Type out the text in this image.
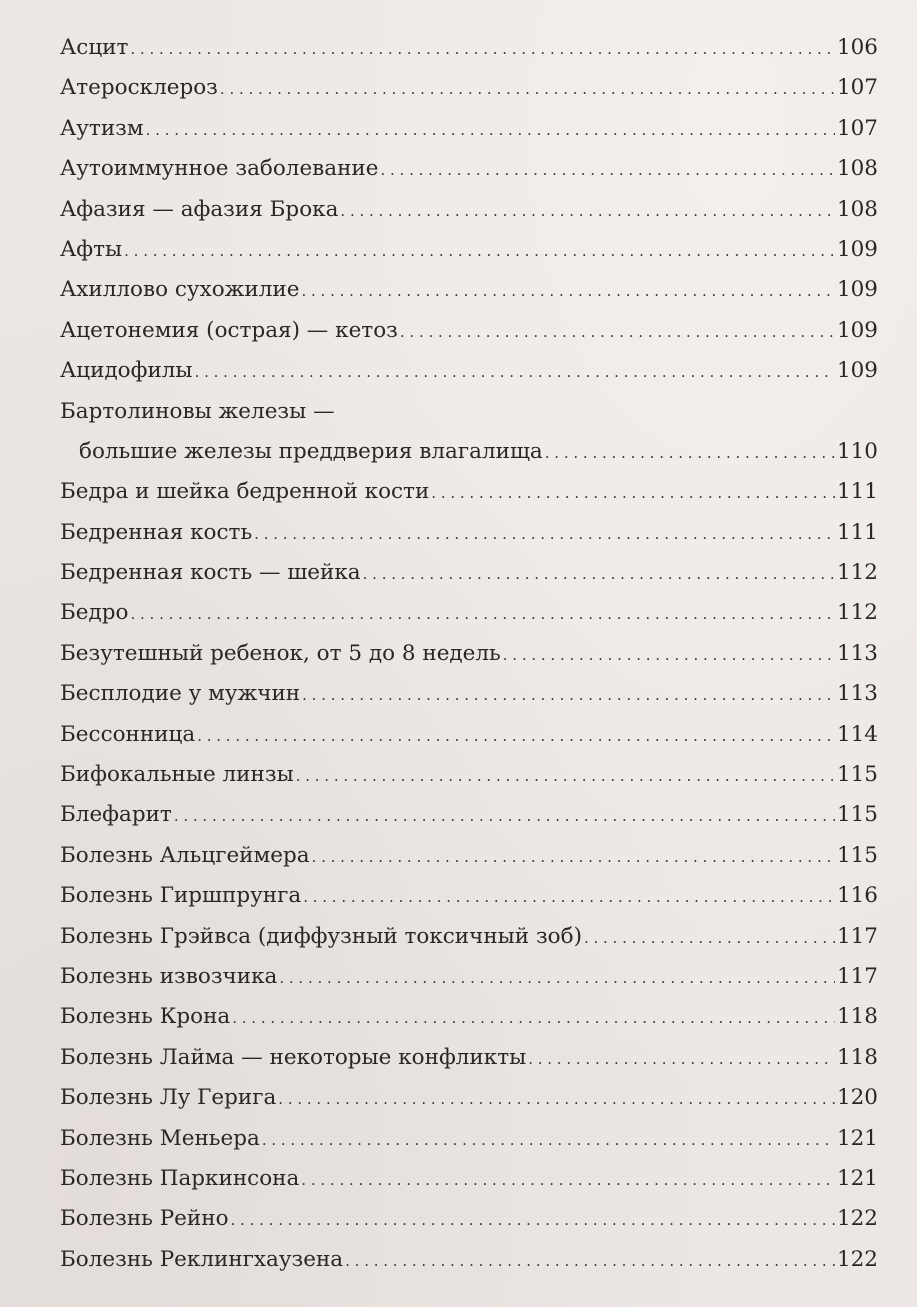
Асцит . . .	106
Атеросклероз . . .	107
Аутизм . . .	107
Аутоиммунное заболевание . . .	108
Афазия — афазия Брока . . .	108
Афты . . .	109
Ахиллово сухожилие . . .	109
Ацетонемия (острая) — кетоз . . .	109
Ацидофилы . . .	109
Бартолиновы железы —
большие железы преддверия влагалища . . .	110
Бедра и шейка бедренной кости . . .	111
Бедренная кость . . .	111
Бедренная кость — шейка . . .	112
Бедро . . .	112
Безутешный ребенок, от 5 до 8 недель . . .	113
Бесплодие у мужчин . . .	113
Бессонница . . .	114
Бифокальные линзы . . .	115
Блефарит . . .	115
Болезнь Альцгеймера . . .	115
Болезнь Гиршпрунга . . .	116
Болезнь Грэйвса (диффузный токсичный зоб) . . .	117
Болезнь извозчика . . .	117
Болезнь Крона . . .	118
Болезнь Лайма — некоторые конфликты . . .	118
Болезнь Лу Герига . . .	120
Болезнь Меньера . . .	121
Болезнь Паркинсона . . .	121
Болезнь Рейно . . .	122
Болезнь Реклингхаузена . . .	122
